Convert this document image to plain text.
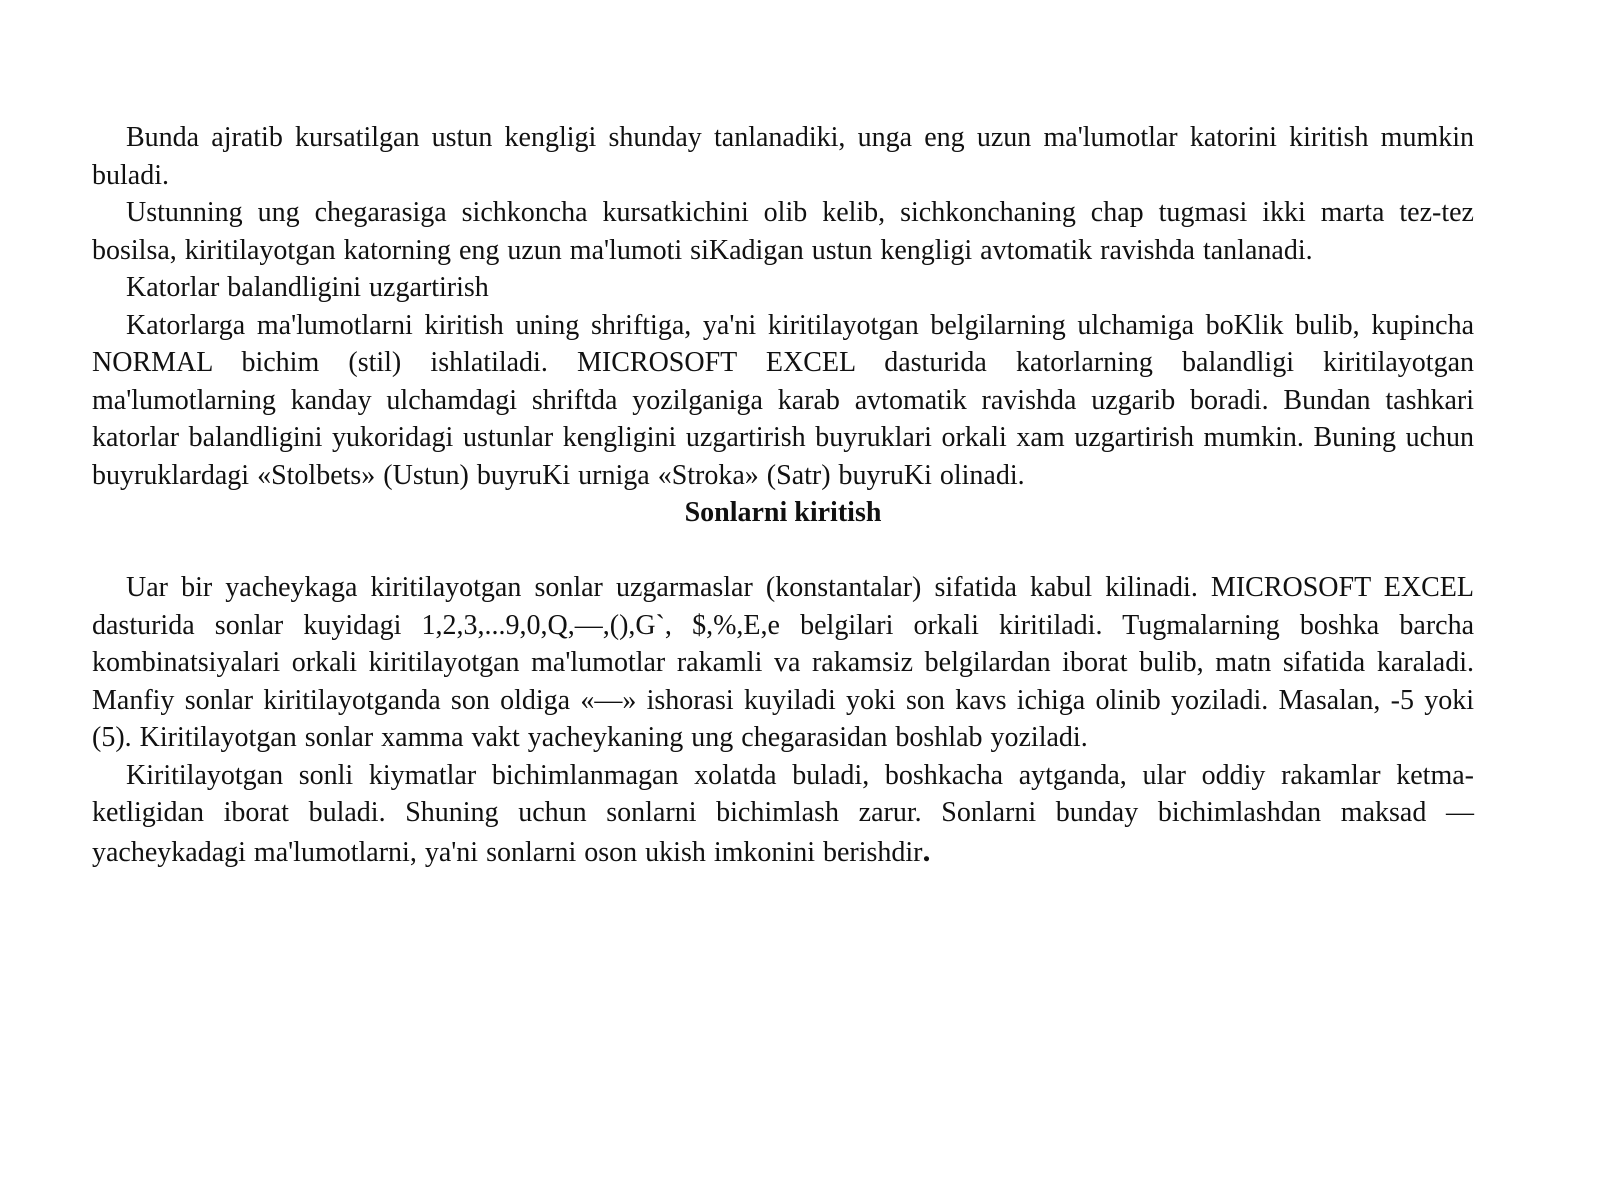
Bunda ajratib kursatilgan ustun kengligi shunday tanlanadiki, unga eng uzun ma'lumotlar katorini kiritish mumkin buladi.

Ustunning ung chegarasiga sichkoncha kursatkichini olib kelib, sichkonchaning chap tugmasi ikki marta tez-tez bosilsa, kiritilayotgan katorning eng uzun ma'lumoti siKadigan ustun kengligi avtomatik ravishda tanlanadi.

Katorlar balandligini uzgartirish

Katorlarga ma'lumotlarni kiritish uning shriftiga, ya'ni kiritilayotgan belgilarning ulchamiga boKlik bulib, kupincha NORMAL bichim (stil) ishlatiladi. MICROSOFT EXCEL dasturida katorlarning balandligi kiritilayotgan ma'lumotlarning kanday ulchamdagi shriftda yozilganiga karab avtomatik ravishda uzgarib boradi. Bundan tashkari katorlar balandligini yukoridagi ustunlar kengligini uzgartirish buyruklari orkali xam uzgartirish mumkin. Buning uchun buyruklardagi «Stolbets» (Ustun) buyruKi urniga «Stroka» (Satr) buyruKi olinadi.

Sonlarni kiritish

Uar bir yacheykaga kiritilayotgan sonlar uzgarmaslar (konstantalar) sifatida kabul kilinadi. MICROSOFT EXCEL dasturida sonlar kuyidagi 1,2,3,...9,0,Q,—,(),G`, $,%,E,e belgilari orkali kiritiladi. Tugmalarning boshka barcha kombinatsiyalari orkali kiritilayotgan ma'lumotlar rakamli va rakamsiz belgilardan iborat bulib, matn sifatida karaladi. Manfiy sonlar kiritilayotganda son oldiga «—» ishorasi kuyiladi yoki son kavs ichiga olinib yoziladi. Masalan, -5 yoki (5). Kiritilayotgan sonlar xamma vakt yacheykaning ung chegarasidan boshlab yoziladi.

Kiritilayotgan sonli kiymatlar bichimlanmagan xolatda buladi, boshkacha aytganda, ular oddiy rakamlar ketma- ketligidan iborat buladi. Shuning uchun sonlarni bichimlash zarur. Sonlarni bunday bichimlashdan maksad — yacheykadagi ma'lumotlarni, ya'ni sonlarni oson ukish imkonini berishdir.
